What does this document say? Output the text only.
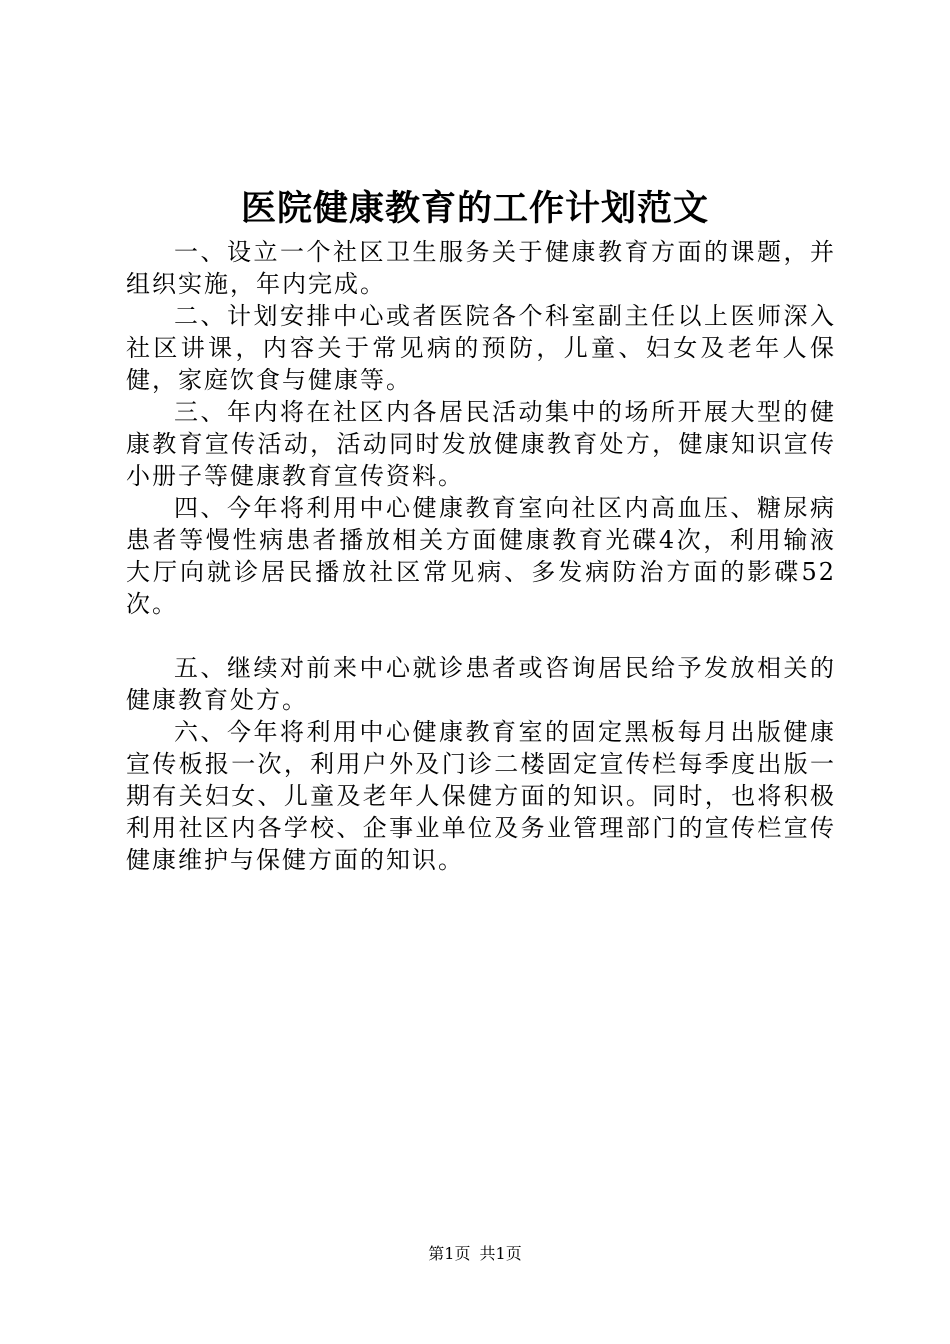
医院健康教育的工作计划范文

一、设立一个社区卫生服务关于健康教育方面的课题，并组织实施，年内完成。

二、计划安排中心或者医院各个科室副主任以上医师深入社区讲课，内容关于常见病的预防，儿童、妇女及老年人保健，家庭饮食与健康等。

三、年内将在社区内各居民活动集中的场所开展大型的健康教育宣传活动，活动同时发放健康教育处方，健康知识宣传小册子等健康教育宣传资料。

四、今年将利用中心健康教育室向社区内高血压、糖尿病患者等慢性病患者播放相关方面健康教育光碟4次，利用输液大厅向就诊居民播放社区常见病、多发病防治方面的影碟52次。

五、继续对前来中心就诊患者或咨询居民给予发放相关的健康教育处方。

六、今年将利用中心健康教育室的固定黑板每月出版健康宣传板报一次，利用户外及门诊二楼固定宣传栏每季度出版一期有关妇女、儿童及老年人保健方面的知识。同时，也将积极利用社区内各学校、企事业单位及务业管理部门的宣传栏宣传健康维护与保健方面的知识。

第1页 共1页
